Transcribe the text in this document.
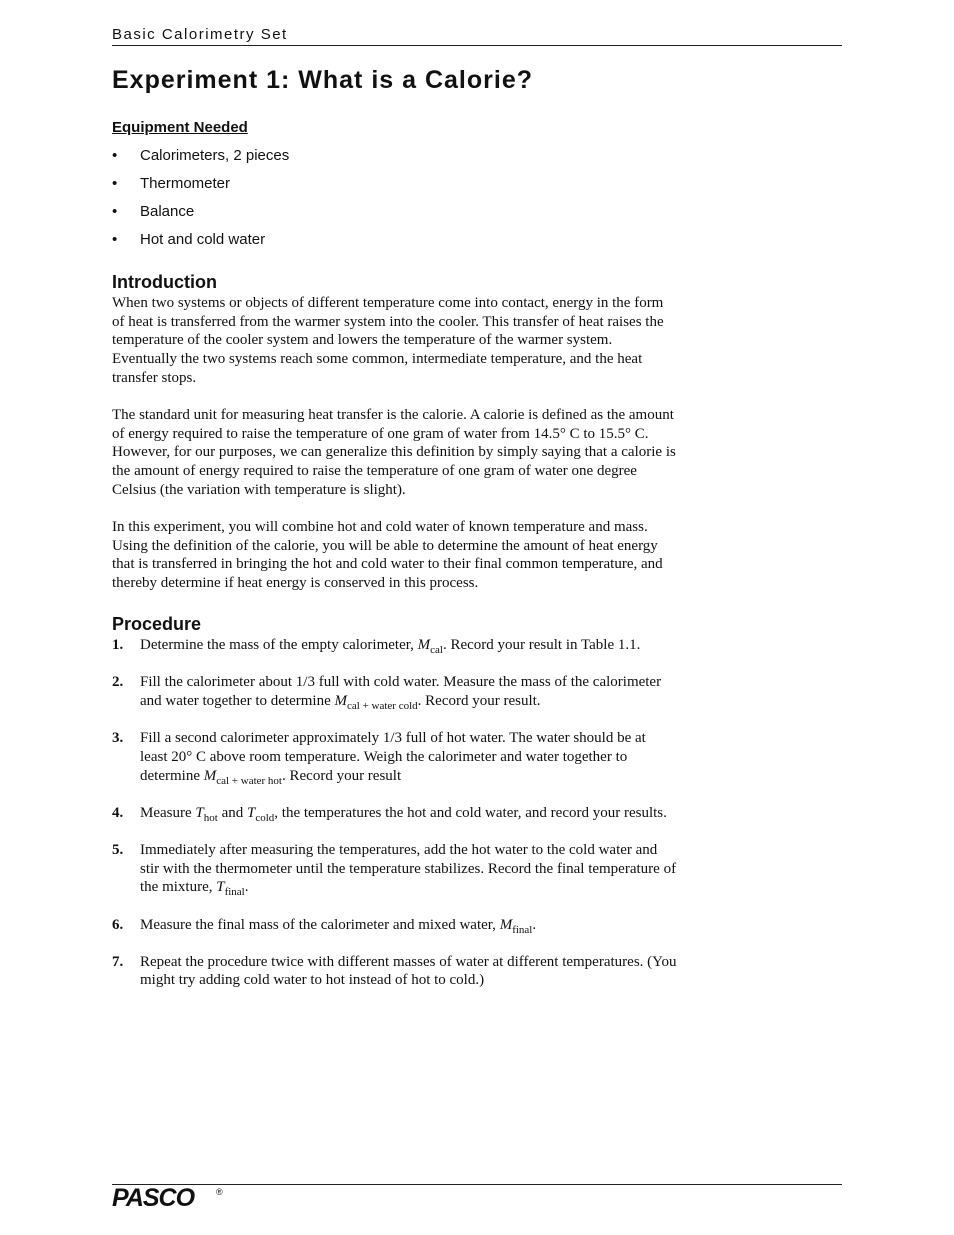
Basic Calorimetry Set
Experiment 1: What is a Calorie?
Equipment Needed
• Calorimeters, 2 pieces
• Thermometer
• Balance
• Hot and cold water
Introduction

When two systems or objects of different temperature come into contact, energy in the form of heat is transferred from the warmer system into the cooler. This transfer of heat raises the temperature of the cooler system and lowers the temperature of the warmer system. Eventually the two systems reach some common, intermediate temperature, and the heat transfer stops.

The standard unit for measuring heat transfer is the calorie. A calorie is defined as the amount of energy required to raise the temperature of one gram of water from 14.5° C to 15.5° C. However, for our purposes, we can generalize this definition by simply saying that a calorie is the amount of energy required to raise the temperature of one gram of water one degree Celsius (the variation with temperature is slight).

In this experiment, you will combine hot and cold water of known temperature and mass. Using the definition of the calorie, you will be able to determine the amount of heat energy that is transferred in bringing the hot and cold water to their final common temperature, and thereby determine if heat energy is conserved in this process.

Procedure
1. Determine the mass of the empty calorimeter, $M_{cal}$. Record your result in Table 1.1.
2. Fill the calorimeter about 1/3 full with cold water. Measure the mass of the calorimeter and water together to determine $M_{cal + water cold}$. Record your result.
3. Fill a second calorimeter approximately 1/3 full of hot water. The water should be at least 20° C above room temperature. Weigh the calorimeter and water together to determine $M_{cal + water hot}$. Record your result
4. Measure $T_{hot}$ and $T_{cold}$, the temperatures the hot and cold water, and record your results.
5. Immediately after measuring the temperatures, add the hot water to the cold water and stir with the thermometer until the temperature stabilizes. Record the final temperature of the mixture, $T_{final}$.
6. Measure the final mass of the calorimeter and mixed water, $M_{final}$.
7. Repeat the procedure twice with different masses of water at different temperatures. (You might try adding cold water to hot instead of hot to cold.)
PASCO ®
